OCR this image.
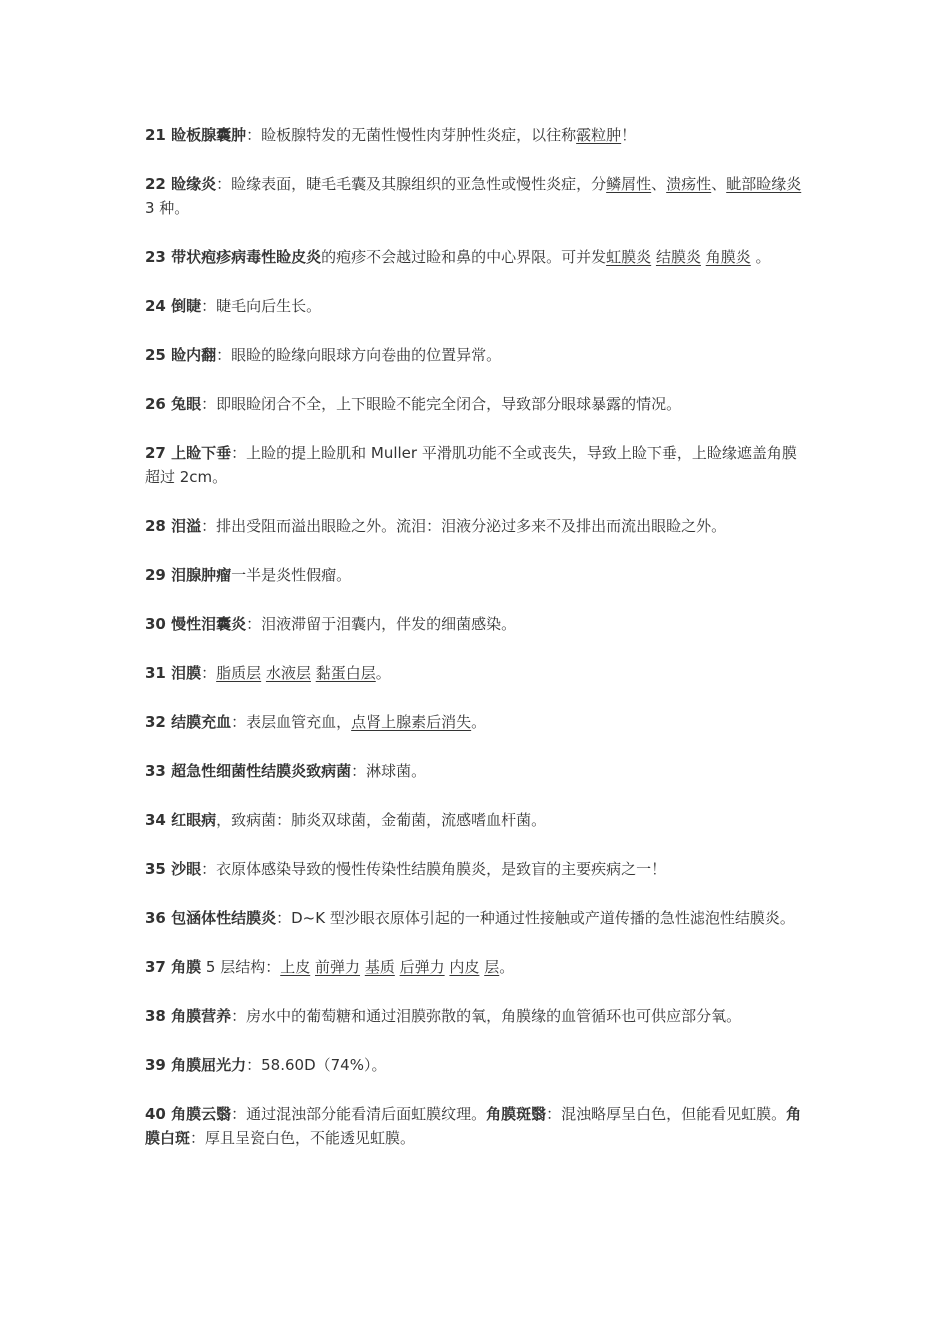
21 睑板腺囊肿：睑板腺特发的无菌性慢性肉芽肿性炎症，以往称霰粒肿！

22 睑缘炎：睑缘表面，睫毛毛囊及其腺组织的亚急性或慢性炎症，分鳞屑性、溃疡性、眦部睑缘炎 3 种。

23 带状疱疹病毒性睑皮炎的疱疹不会越过睑和鼻的中心界限。可并发虹膜炎 结膜炎 角膜炎 。

24 倒睫：睫毛向后生长。

25 睑内翻：眼睑的睑缘向眼球方向卷曲的位置异常。

26 兔眼：即眼睑闭合不全，上下眼睑不能完全闭合，导致部分眼球暴露的情况。

27 上睑下垂：上睑的提上睑肌和 Muller 平滑肌功能不全或丧失，导致上睑下垂，上睑缘遮盖角膜超过 2cm。

28 泪溢：排出受阻而溢出眼睑之外。流泪：泪液分泌过多来不及排出而流出眼睑之外。

29 泪腺肿瘤一半是炎性假瘤。

30 慢性泪囊炎：泪液滞留于泪囊内，伴发的细菌感染。

31 泪膜：脂质层 水液层 黏蛋白层。

32 结膜充血：表层血管充血，点肾上腺素后消失。

33 超急性细菌性结膜炎致病菌：淋球菌。

34 红眼病，致病菌：肺炎双球菌，金葡菌，流感嗜血杆菌。

35 沙眼：衣原体感染导致的慢性传染性结膜角膜炎，是致盲的主要疾病之一！

36 包涵体性结膜炎：D~K 型沙眼衣原体引起的一种通过性接触或产道传播的急性滤泡性结膜炎。

37 角膜 5 层结构：上皮 前弹力 基质 后弹力 内皮 层。

38 角膜营养：房水中的葡萄糖和通过泪膜弥散的氧，角膜缘的血管循环也可供应部分氧。

39 角膜屈光力：58.60D（74%）。

40 角膜云翳：通过混浊部分能看清后面虹膜纹理。角膜斑翳：混浊略厚呈白色，但能看见虹膜。角膜白斑：厚且呈瓷白色，不能透见虹膜。
